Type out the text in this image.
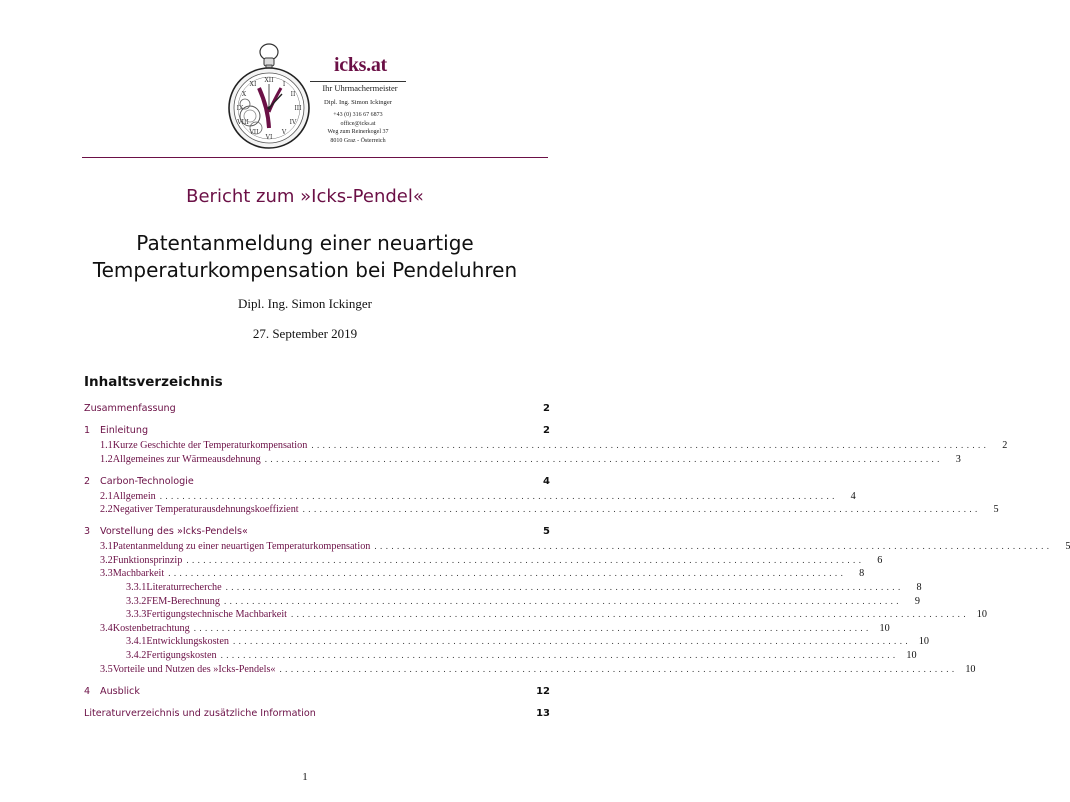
XII
I
II
III
IV
V
VI
VII
VIII
IX
X
XI
icks.at
Ihr Uhrmachermeister
Dipl. Ing. Simon Ickinger
+43 (0) 316 67 6873
office@icks.at
Weg zum Reinerkogel 37
8010 Graz - Österreich
Bericht zum »Icks-Pendel«
Patentanmeldung einer neuartige
Temperaturkompensation bei Pendeluhren
Dipl. Ing. Simon Ickinger
27. September 2019
Inhaltsverzeichnis
Zusammenfassung	2
1	Einleitung	2
1.1 Kurze Geschichte der Temperaturkompensation ........................................................................................................................	2
1.2 Allgemeines zur Wärmeausdehnung ........................................................................................................................	3
2	Carbon-Technologie	4
2.1 Allgemein ........................................................................................................................	4
2.2 Negativer Temperaturausdehnungskoeffizient ........................................................................................................................	5
3	Vorstellung des »Icks-Pendels«	5
3.1 Patentanmeldung zu einer neuartigen Temperaturkompensation ........................................................................................................................	5
3.2 Funktionsprinzip ........................................................................................................................	6
3.3 Machbarkeit ........................................................................................................................	8
3.3.1 Literaturrecherche ........................................................................................................................	8
3.3.2 FEM-Berechnung ........................................................................................................................	9
3.3.3 Fertigungstechnische Machbarkeit ........................................................................................................................ 10
3.4 Kostenbetrachtung ........................................................................................................................ 10
3.4.1 Entwicklungskosten ........................................................................................................................ 10
3.4.2 Fertigungskosten ........................................................................................................................ 10
3.5 Vorteile und Nutzen des »Icks-Pendels« ........................................................................................................................ 10
4	Ausblick	12
Literaturverzeichnis und zusätzliche Information	13
1
